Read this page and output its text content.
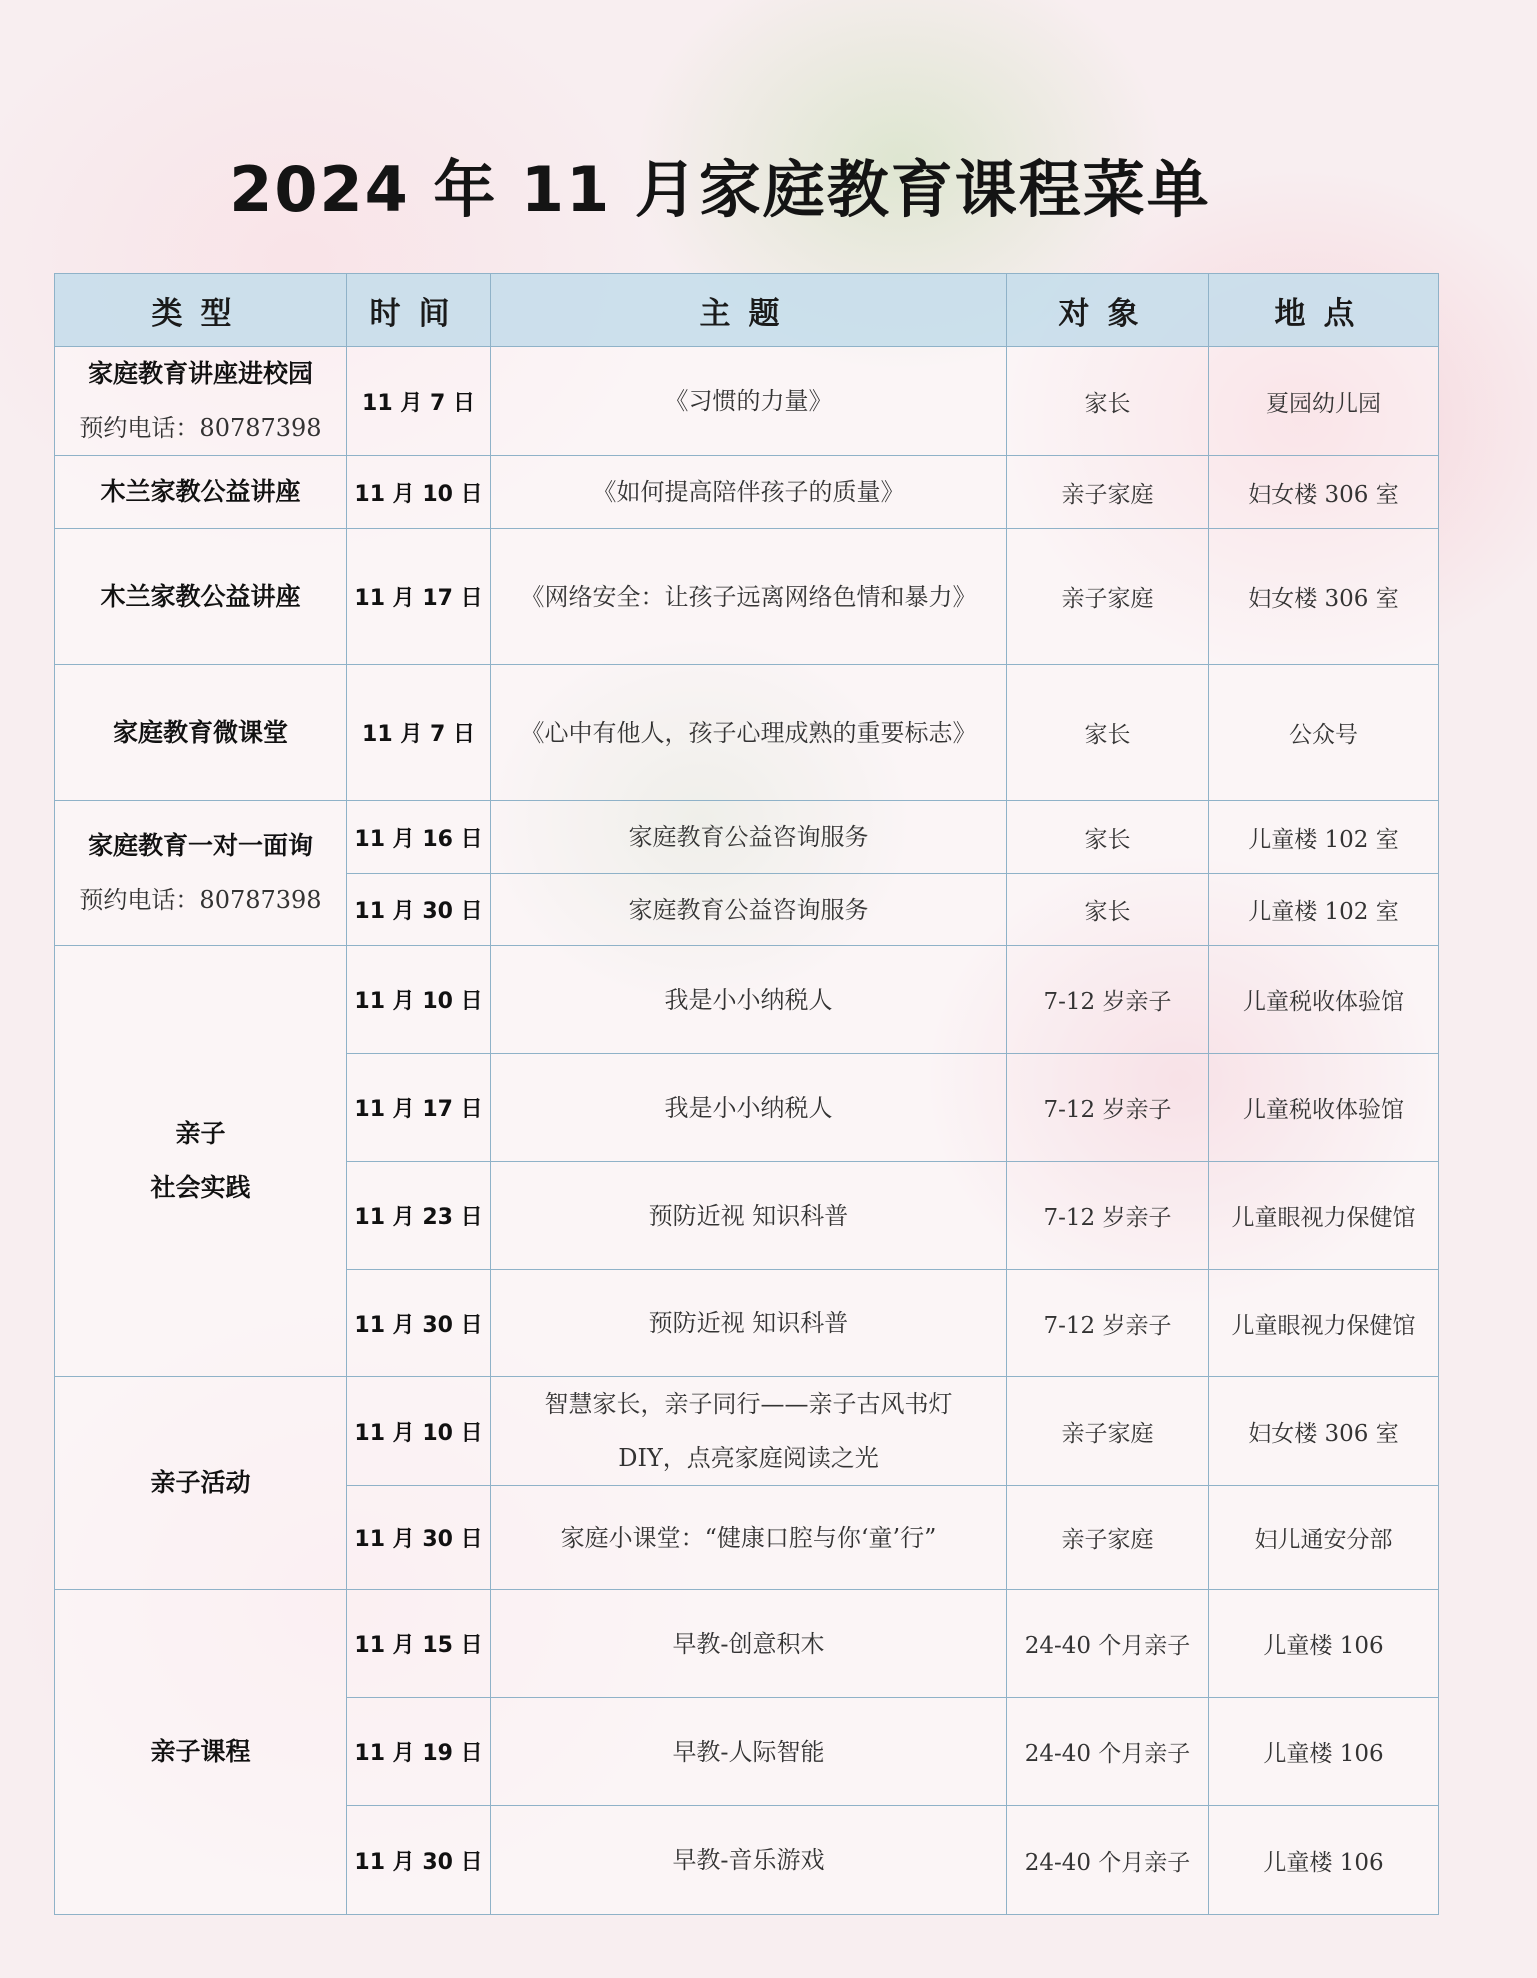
2024 年 11 月家庭教育课程菜单
类型	时间	主题	对象	地点

家庭教育讲座进校园
预约电话：80787398	11 月 7 日	《习惯的力量》	家长	夏园幼儿园

木兰家教公益讲座	11 月 10 日	《如何提高陪伴孩子的质量》	亲子家庭	妇女楼 306 室

木兰家教公益讲座	11 月 17 日	《网络安全：让孩子远离网络色情和暴力》	亲子家庭	妇女楼 306 室

家庭教育微课堂	11 月 7 日	《心中有他人，孩子心理成熟的重要标志》	家长	公众号

家庭教育一对一面询
预约电话：80787398	11 月 16 日	家庭教育公益咨询服务	家长	儿童楼 102 室
	11 月 30 日	家庭教育公益咨询服务	家长	儿童楼 102 室

亲子
社会实践	11 月 10 日	我是小小纳税人	7-12 岁亲子	儿童税收体验馆
	11 月 17 日	我是小小纳税人	7-12 岁亲子	儿童税收体验馆
	11 月 23 日	预防近视 知识科普	7-12 岁亲子	儿童眼视力保健馆
	11 月 30 日	预防近视 知识科普	7-12 岁亲子	儿童眼视力保健馆

亲子活动	11 月 10 日	智慧家长，亲子同行——亲子古风书灯
DIY，点亮家庭阅读之光	亲子家庭	妇女楼 306 室
	11 月 30 日	家庭小课堂：“健康口腔与你‘童’行”	亲子家庭	妇儿通安分部

亲子课程	11 月 15 日	早教-创意积木	24-40 个月亲子	儿童楼 106
	11 月 19 日	早教-人际智能	24-40 个月亲子	儿童楼 106
	11 月 30 日	早教-音乐游戏	24-40 个月亲子	儿童楼 106
